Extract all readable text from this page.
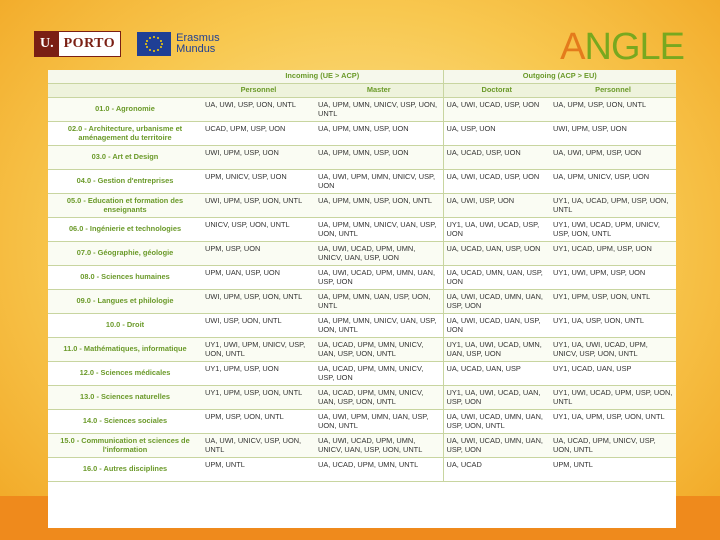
U. PORTO	Erasmus
Mundus	ANGLE
	Incoming (UE > ACP)		Outgoing (ACP > EU)	
	Personnel	Master	Doctorat	Personnel
01.0 - Agronomie	UA, UWI, USP, UON, UNTL	UA, UPM, UMN, UNICV, USP, UON, UNTL	UA, UWI, UCAD, USP, UON	UA, UPM, USP, UON, UNTL
02.0 - Architecture, urbanisme et aménagement du territoire	UCAD, UPM, USP, UON	UA, UPM, UMN, USP, UON	UA, USP, UON	UWI, UPM, USP, UON
03.0 - Art et Design	UWI, UPM, USP, UON	UA, UPM, UMN, USP, UON	UA, UCAD, USP, UON	UA, UWI, UPM, USP, UON
04.0 - Gestion d'entreprises	UPM, UNICV, USP, UON	UA, UWI, UPM, UMN, UNICV, USP, UON	UA, UWI, UCAD, USP, UON	UA, UPM, UNICV, USP, UON
05.0 - Education et formation des enseignants	UWI, UPM, USP, UON, UNTL	UA, UPM, UMN, USP, UON, UNTL	UA, UWI, USP, UON	UY1, UA, UCAD, UPM, USP, UON, UNTL
06.0 - Ingénierie et technologies	UNICV, USP, UON, UNTL	UA, UPM, UMN, UNICV, UAN, USP, UON, UNTL	UY1, UA, UWI, UCAD, USP, UON	UY1, UWI, UCAD, UPM, UNICV, USP, UON, UNTL
07.0 - Géographie, géologie	UPM, USP, UON	UA, UWI, UCAD, UPM, UMN, UNICV, UAN, USP, UON	UA, UCAD, UAN, USP, UON	UY1, UCAD, UPM, USP, UON
08.0 - Sciences humaines	UPM, UAN, USP, UON	UA, UWI, UCAD, UPM, UMN, UAN, USP, UON	UA, UCAD, UMN, UAN, USP, UON	UY1, UWI, UPM, USP, UON
09.0 - Langues et philologie	UWI, UPM, USP, UON, UNTL	UA, UPM, UMN, UAN, USP, UON, UNTL	UA, UWI, UCAD, UMN, UAN, USP, UON	UY1, UPM, USP, UON, UNTL
10.0 - Droit	UWI, USP, UON, UNTL	UA, UPM, UMN, UNICV, UAN, USP, UON, UNTL	UA, UWI, UCAD, UAN, USP, UON	UY1, UA, USP, UON, UNTL
11.0 - Mathématiques, informatique	UY1, UWI, UPM, UNICV, USP, UON, UNTL	UA, UCAD, UPM, UMN, UNICV, UAN, USP, UON, UNTL	UY1, UA, UWI, UCAD, UMN, UAN, USP, UON	UY1, UA, UWI, UCAD, UPM, UNICV, USP, UON, UNTL
12.0 - Sciences médicales	UY1, UPM, USP, UON	UA, UCAD, UPM, UMN, UNICV, USP, UON	UA, UCAD, UAN, USP	UY1, UCAD, UAN, USP
13.0 - Sciences naturelles	UY1, UPM, USP, UON, UNTL	UA, UCAD, UPM, UMN, UNICV, UAN, USP, UON, UNTL	UY1, UA, UWI, UCAD, UAN, USP, UON	UY1, UWI, UCAD, UPM, USP, UON, UNTL
14.0 - Sciences sociales	UPM, USP, UON, UNTL	UA, UWI, UPM, UMN, UAN, USP, UON, UNTL	UA, UWI, UCAD, UMN, UAN, USP, UON, UNTL	UY1, UA, UPM, USP, UON, UNTL
15.0 - Communication et sciences de l'information	UA, UWI, UNICV, USP, UON, UNTL	UA, UWI, UCAD, UPM, UMN, UNICV, UAN, USP, UON, UNTL	UA, UWI, UCAD, UMN, UAN, USP, UON	UA, UCAD, UPM, UNICV, USP, UON, UNTL
16.0 - Autres disciplines	UPM, UNTL	UA, UCAD, UPM, UMN, UNTL	UA, UCAD	UPM, UNTL
